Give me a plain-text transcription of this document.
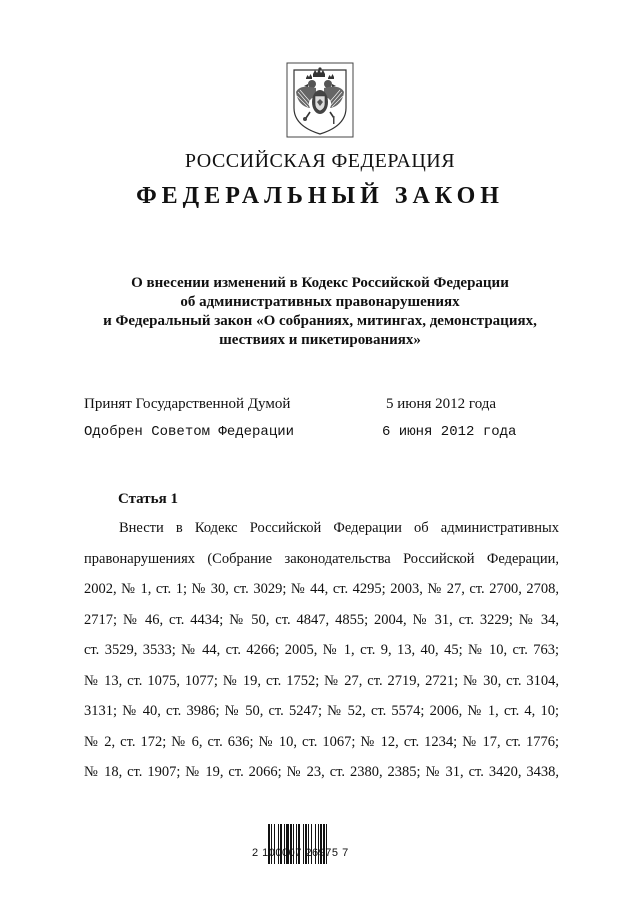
РОССИЙСКАЯ ФЕДЕРАЦИЯ
ФЕДЕРАЛЬНЫЙ ЗАКОН
О внесении изменений в Кодекс Российской Федерации
об административных правонарушениях
и Федеральный закон «О собраниях, митингах, демонстрациях,
шествиях и пикетированиях»
Принят Государственной Думой	5 июня 2012 года
Одобрен Советом Федерации	6 июня 2012 года
Статья 1
Внести в Кодекс Российской Федерации об административных
правонарушениях (Собрание законодательства Российской Федерации,
2002, № 1, ст. 1; № 30, ст. 3029; № 44, ст. 4295; 2003, № 27, ст. 2700, 2708,
2717; № 46, ст. 4434; № 50, ст. 4847, 4855; 2004, № 31, ст. 3229; № 34,
ст. 3529, 3533; № 44, ст. 4266; 2005, № 1, ст. 9, 13, 40, 45; № 10, ст. 763;
№ 13, ст. 1075, 1077; № 19, ст. 1752; № 27, ст. 2719, 2721; № 30, ст. 3104,
3131; № 40, ст. 3986; № 50, ст. 5247; № 52, ст. 5574; 2006, № 1, ст. 4, 10;
№ 2, ст. 172; № 6, ст. 636; № 10, ст. 1067; № 12, ст. 1234; № 17, ст. 1776;
№ 18, ст. 1907; № 19, ст. 2066; № 23, ст. 2380, 2385; № 31, ст. 3420, 3438,
2 100007 26975 7
